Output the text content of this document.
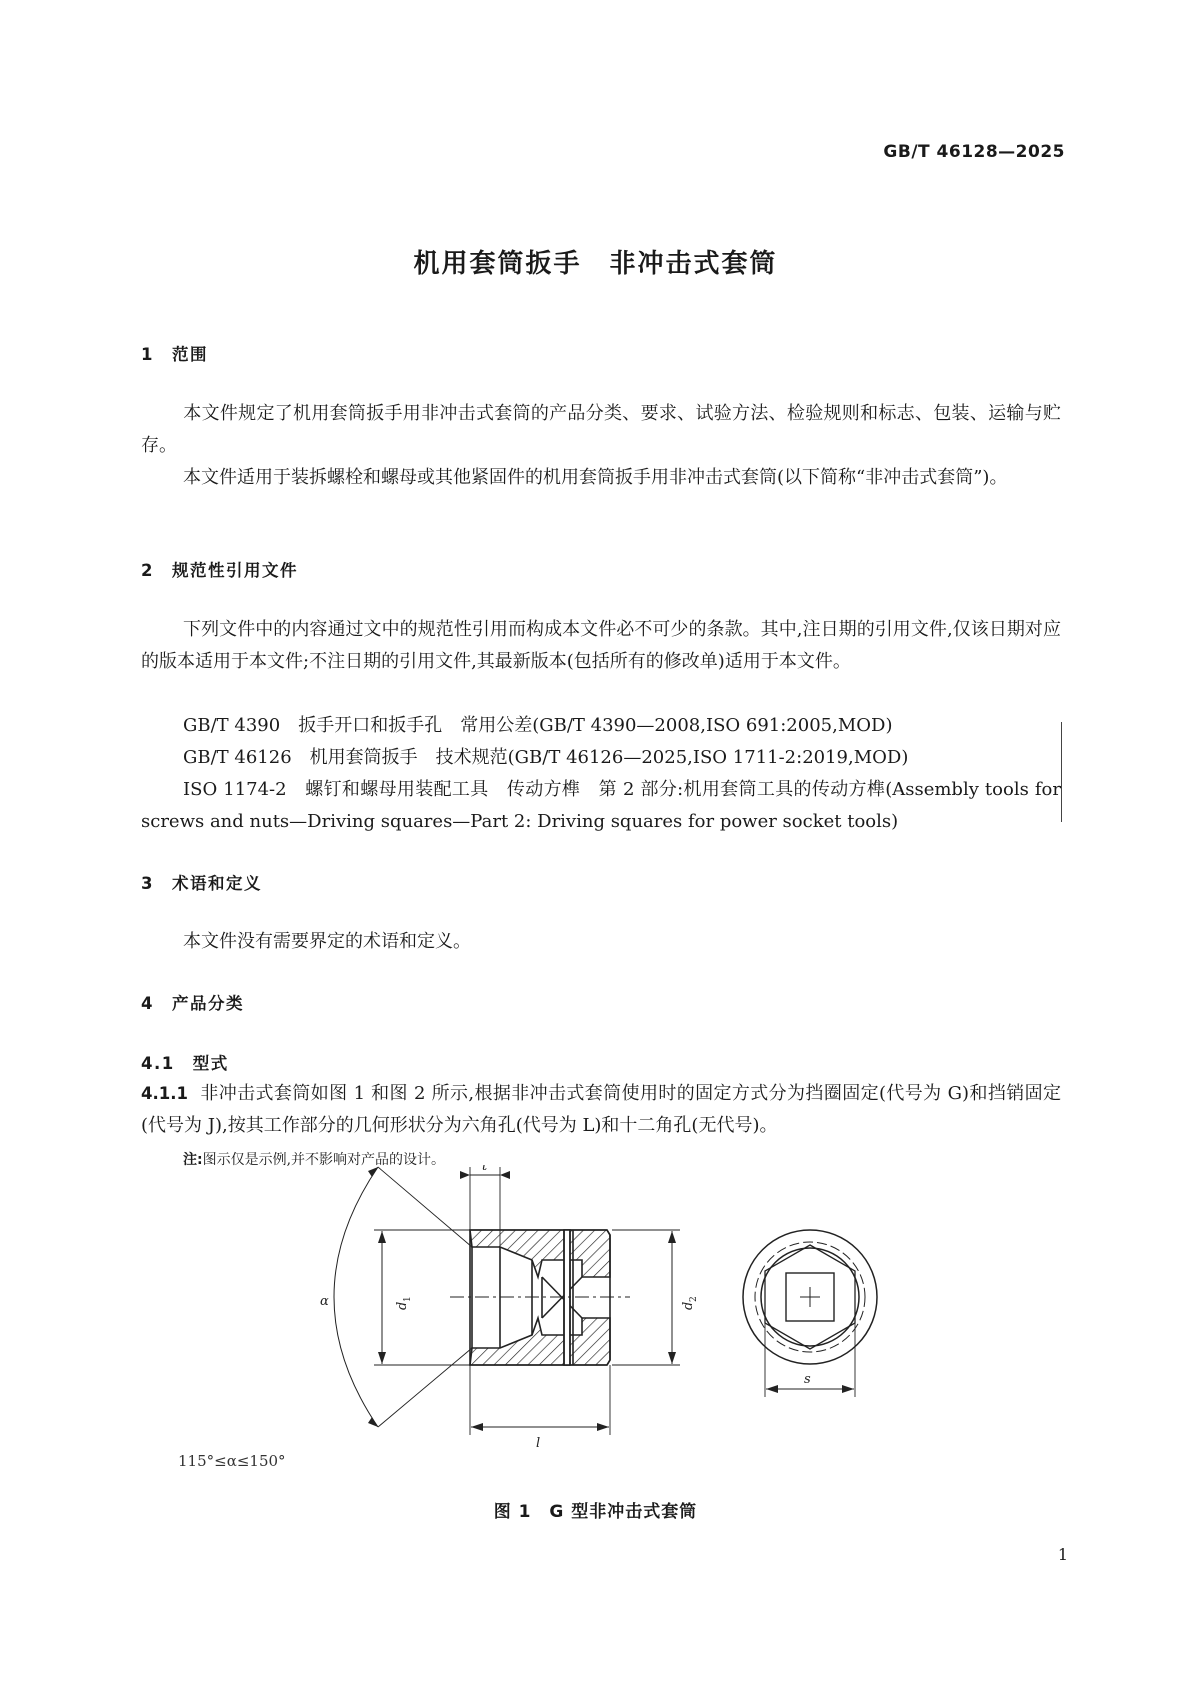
GB/T 46128—2025
机用套筒扳手　非冲击式套筒
1　范围
本文件规定了机用套筒扳手用非冲击式套筒的产品分类、要求、试验方法、检验规则和标志、包装、运输与贮存。
本文件适用于装拆螺栓和螺母或其他紧固件的机用套筒扳手用非冲击式套筒(以下简称“非冲击式套筒”)。
2　规范性引用文件
下列文件中的内容通过文中的规范性引用而构成本文件必不可少的条款。其中,注日期的引用文件,仅该日期对应的版本适用于本文件;不注日期的引用文件,其最新版本(包括所有的修改单)适用于本文件。
GB/T 4390　扳手开口和扳手孔　常用公差(GB/T 4390—2008,ISO 691:2005,MOD)
GB/T 46126　机用套筒扳手　技术规范(GB/T 46126—2025,ISO 1711-2:2019,MOD)
ISO 1174-2　螺钉和螺母用装配工具　传动方榫　第 2 部分:机用套筒工具的传动方榫(Assembly tools for screws and nuts—Driving squares—Part 2: Driving squares for power socket tools)
3　术语和定义
本文件没有需要界定的术语和定义。
4　产品分类
4.1　型式
4.1.1 非冲击式套筒如图 1 和图 2 所示,根据非冲击式套筒使用时的固定方式分为挡圈固定(代号为 G)和挡销固定(代号为 J),按其工作部分的几何形状分为六角孔(代号为 L)和十二角孔(无代号)。
注:图示仅是示例,并不影响对产品的设计。
α
t
l
s
d
1
d
2
115°≤α≤150°
图 1　G 型非冲击式套筒
1
